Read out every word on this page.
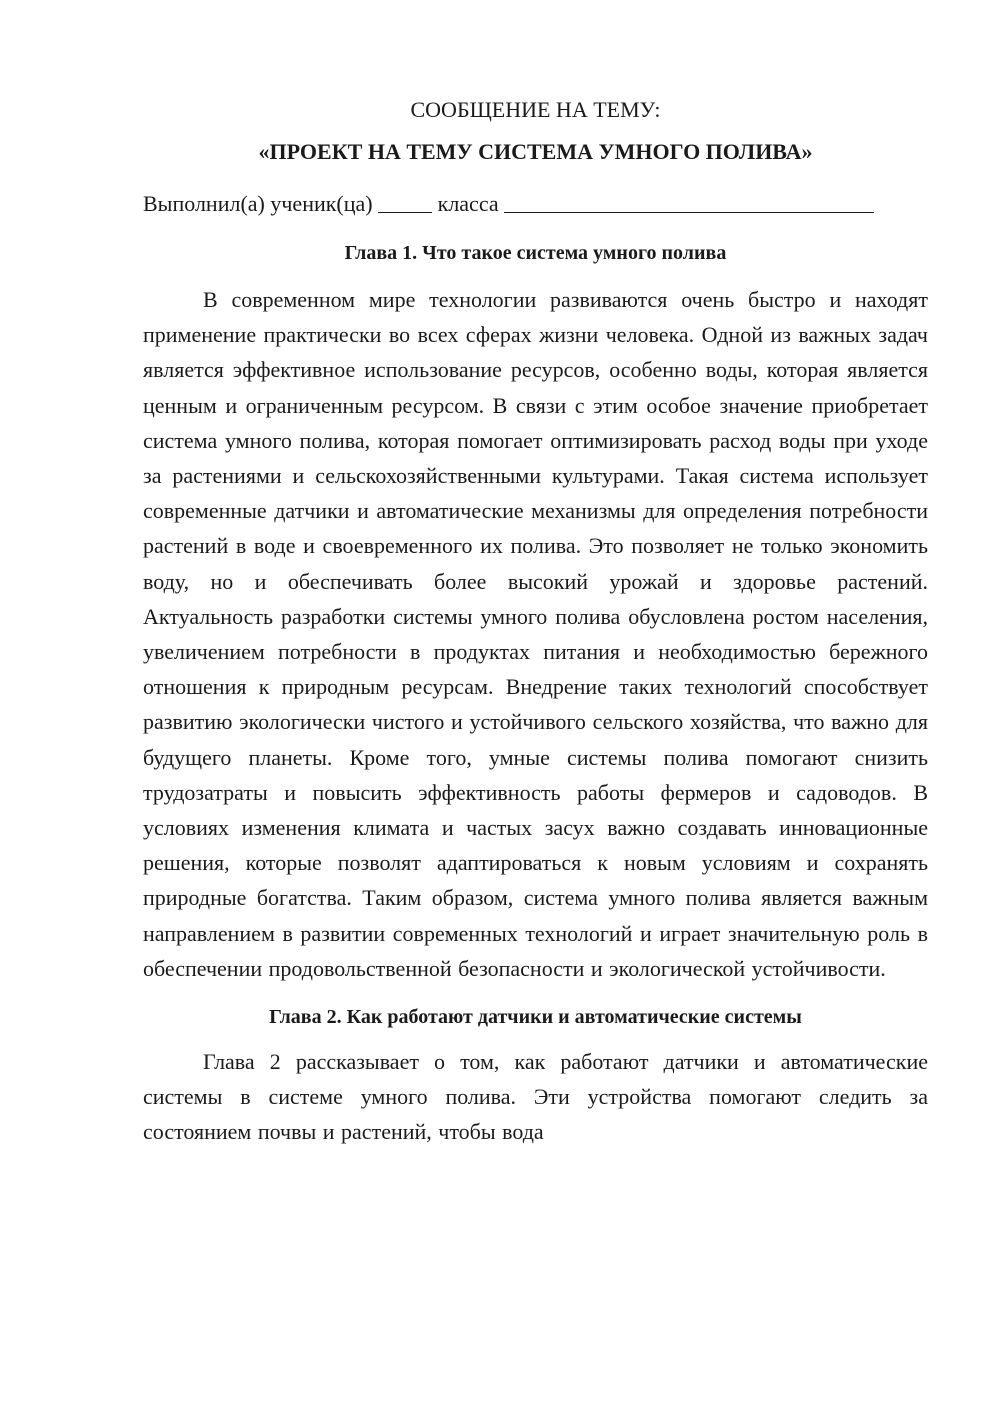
СООБЩЕНИЕ НА ТЕМУ:
«ПРОЕКТ НА ТЕМУ СИСТЕМА УМНОГО ПОЛИВА»
Выполнил(а) ученик(ца)	класса
Глава 1. Что такое система умного полива

В современном мире технологии развиваются очень быстро и находят применение практически во всех сферах жизни человека. Одной из важных задач является эффективное использование ресурсов, особенно воды, которая является ценным и ограниченным ресурсом. В связи с этим особое значение приобретает система умного полива, которая помогает оптимизировать расход воды при уходе за растениями и сельскохозяйственными культурами. Такая система использует современные датчики и автоматические механизмы для определения потребности растений в воде и своевременного их полива. Это позволяет не только экономить воду, но и обеспечивать более высокий урожай и здоровье растений. Актуальность разработки системы умного полива обусловлена ростом населения, увеличением потребности в продуктах питания и необходимостью бережного отношения к природным ресурсам. Внедрение таких технологий способствует развитию экологически чистого и устойчивого сельского хозяйства, что важно для будущего планеты. Кроме того, умные системы полива помогают снизить трудозатраты и повысить эффективность работы фермеров и садоводов. В условиях изменения климата и частых засух важно создавать инновационные решения, которые позволят адаптироваться к новым условиям и сохранять природные богатства. Таким образом, система умного полива является важным направлением в развитии современных технологий и играет значительную роль в обеспечении продовольственной безопасности и экологической устойчивости.

Глава 2. Как работают датчики и автоматические системы

Глава 2 рассказывает о том, как работают датчики и автоматические системы в системе умного полива. Эти устройства помогают следить за состоянием почвы и растений, чтобы вода
